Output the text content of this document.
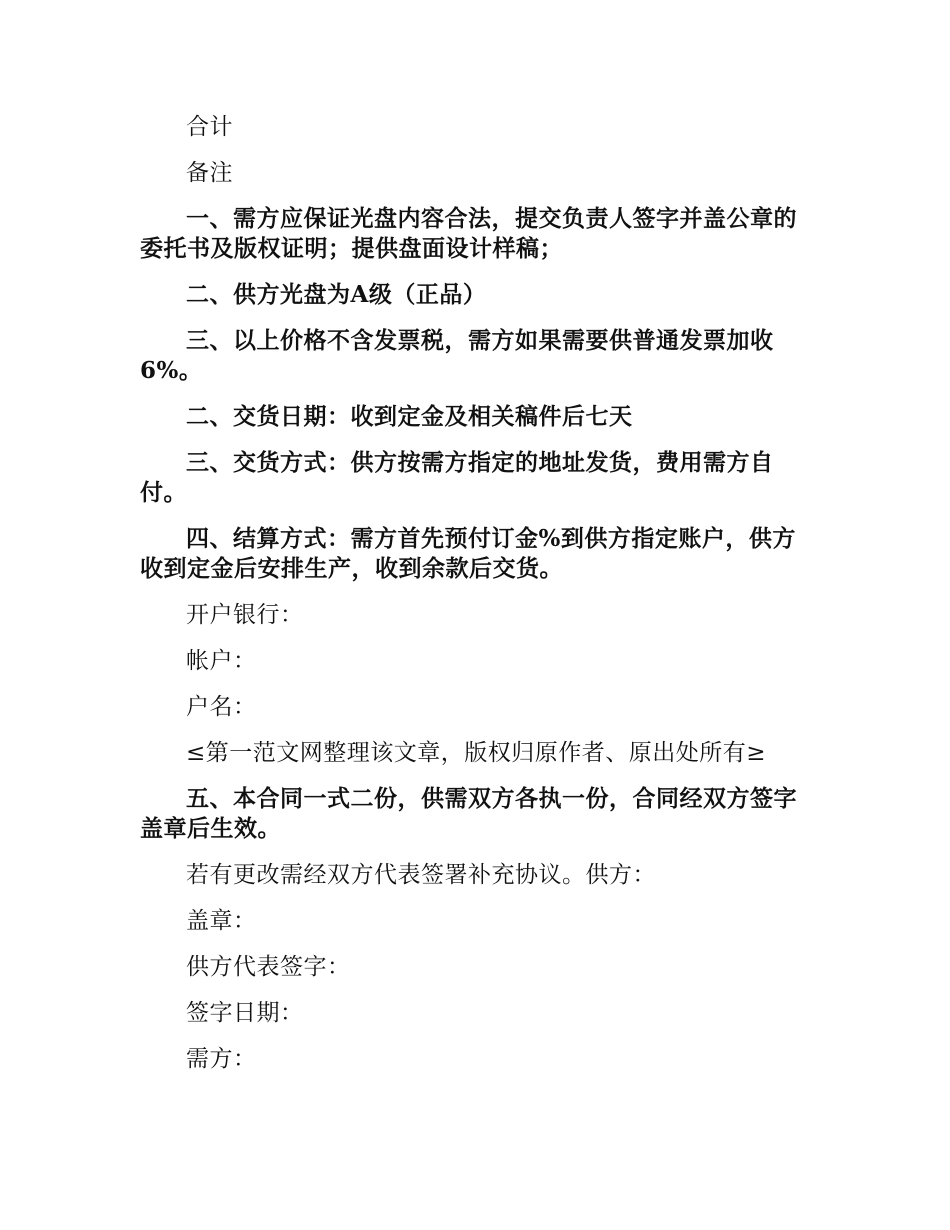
合计

备注

一、需方应保证光盘内容合法，提交负责人签字并盖公章的委托书及版权证明；提供盘面设计样稿；

二、供方光盘为A级（正品）

三、以上价格不含发票税，需方如果需要供普通发票加收6%。

二、交货日期：收到定金及相关稿件后七天

三、交货方式：供方按需方指定的地址发货，费用需方自付。

四、结算方式：需方首先预付订金%到供方指定账户，供方收到定金后安排生产，收到余款后交货。

开户银行：

帐户：

户名：

≤第一范文网整理该文章，版权归原作者、原出处所有≥

五、本合同一式二份，供需双方各执一份，合同经双方签字盖章后生效。

若有更改需经双方代表签署补充协议。供方：

盖章：

供方代表签字：

签字日期：

需方：
